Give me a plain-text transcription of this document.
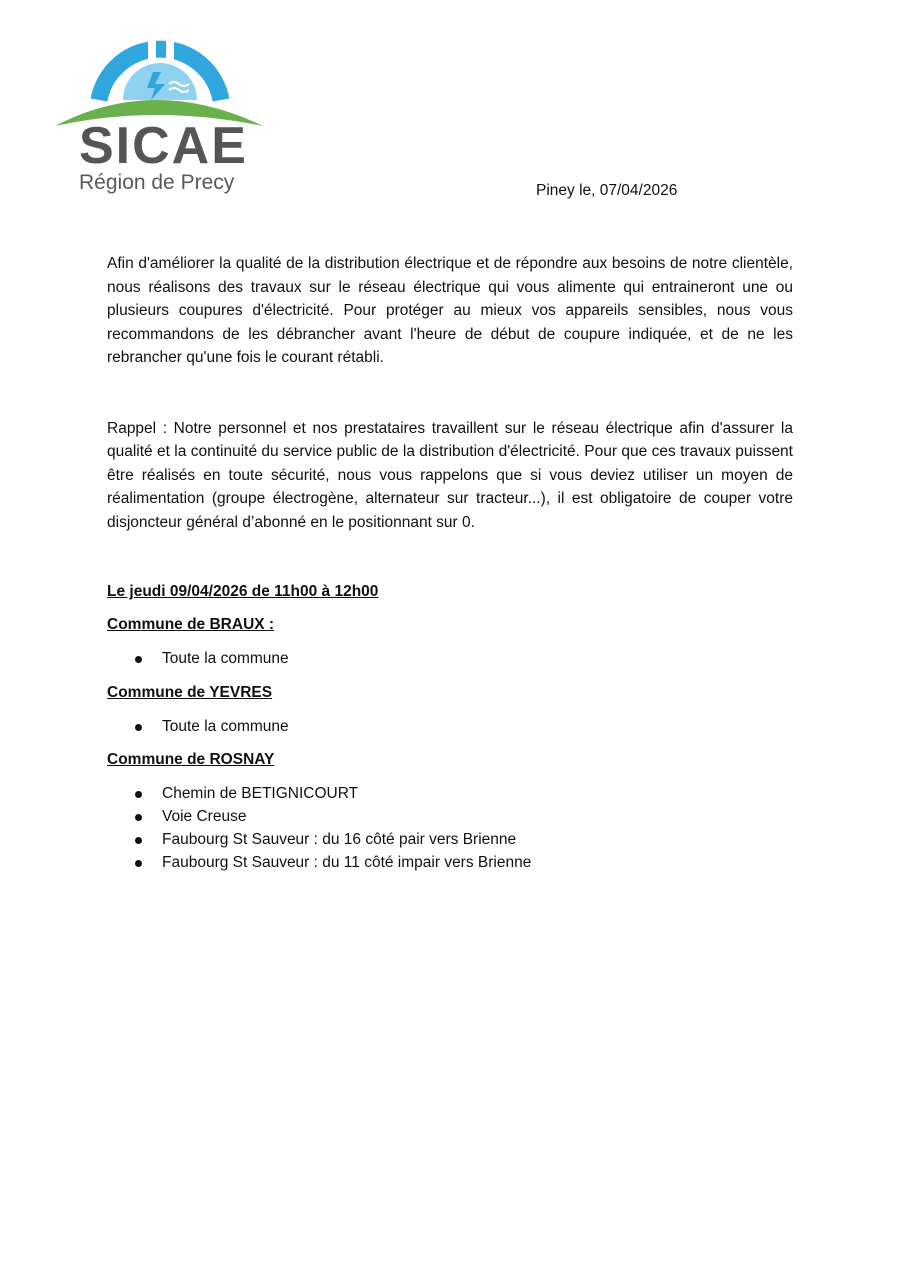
SICAE
Région de Precy	Piney le, 07/04/2026

Afin d'améliorer la qualité de la distribution électrique et de répondre aux besoins de notre clientèle, nous réalisons des travaux sur le réseau électrique qui vous alimente qui entraineront une ou plusieurs coupures d'électricité. Pour protéger au mieux vos appareils sensibles, nous vous recommandons de les débrancher avant l'heure de début de coupure indiquée, et de ne les rebrancher qu'une fois le courant rétabli.

Rappel : Notre personnel et nos prestataires travaillent sur le réseau électrique afin d'assurer la qualité et la continuité du service public de la distribution d'électricité. Pour que ces travaux puissent être réalisés en toute sécurité, nous vous rappelons que si vous deviez utiliser un moyen de réalimentation (groupe électrogène, alternateur sur tracteur...), il est obligatoire de couper votre disjoncteur général d’abonné en le positionnant sur 0.

Le jeudi 09/04/2026 de 11h00 à 12h00
Commune de BRAUX :
Toute la commune
Commune de YEVRES
Toute la commune
Commune de ROSNAY
Chemin de BETIGNICOURT
Voie Creuse
Faubourg St Sauveur : du 16 côté pair vers Brienne
Faubourg St Sauveur : du 11 côté impair vers Brienne
